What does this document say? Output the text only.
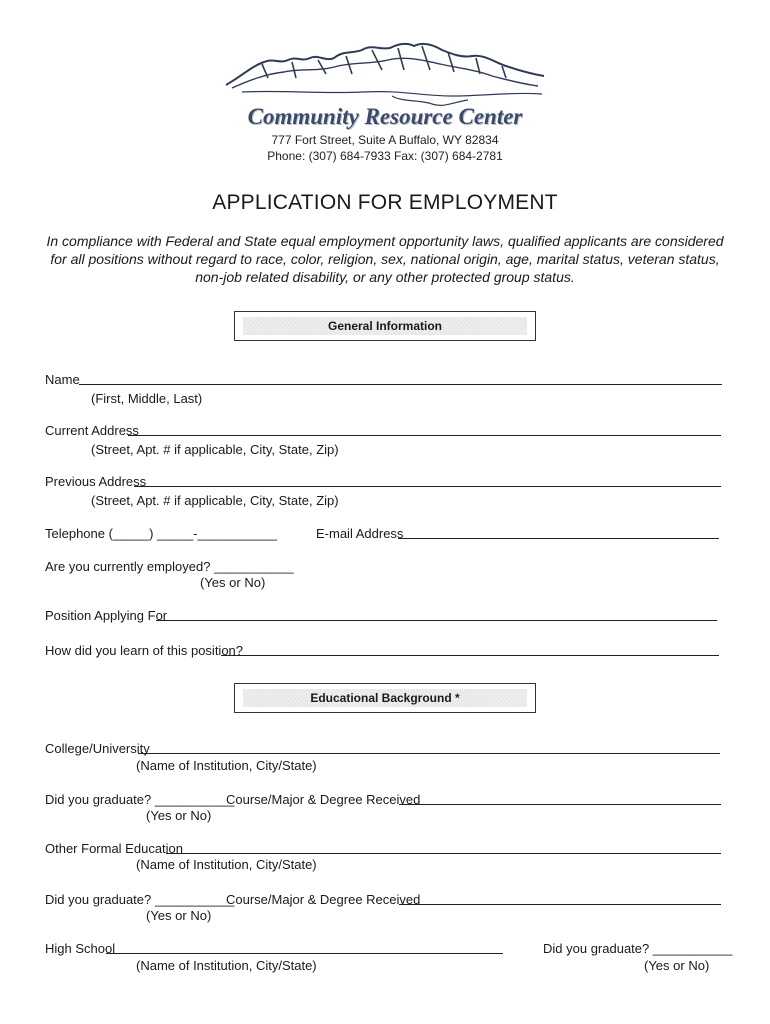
Community Resource Center
777 Fort Street, Suite A Buffalo, WY 82834
Phone: (307) 684-7933 Fax: (307) 684-2781
APPLICATION FOR EMPLOYMENT
In compliance with Federal and State equal employment opportunity laws, qualified applicants are considered for all positions without regard to race, color, religion, sex, national origin, age, marital status, veteran status, non-job related disability, or any other protected group status.
General Information
Name
(First, Middle, Last)
Current Address
(Street, Apt. # if applicable, City, State, Zip)
Previous Address
(Street, Apt. # if applicable, City, State, Zip)
Telephone (_____) _____-___________	E-mail Address
Are you currently employed? ___________
(Yes or No)
Position Applying For
How did you learn of this position?
Educational Background *
College/University
(Name of Institution, City/State)
Did you graduate? ___________
Course/Major & Degree Received
(Yes or No)
Other Formal Education
(Name of Institution, City/State)
Did you graduate? ___________
Course/Major & Degree Received
(Yes or No)
High School	Did you graduate? ___________
(Name of Institution, City/State)	(Yes or No)
